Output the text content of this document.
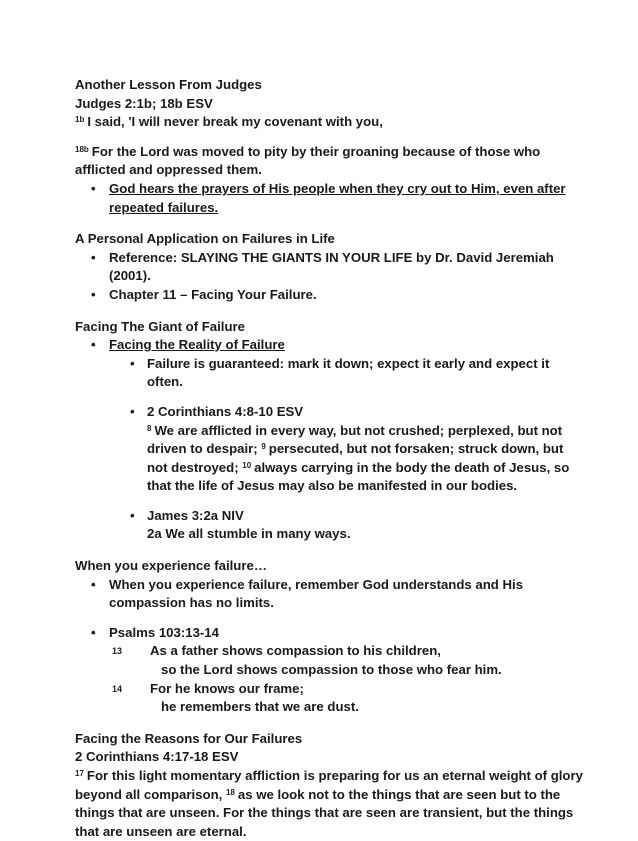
Another Lesson From Judges
Judges 2:1b; 18b ESV
$^{1b}$ I said, 'I will never break my covenant with you,
$^{18b}$ For the Lord was moved to pity by their groaning because of those who
afflicted and oppressed them.
• God hears the prayers of His people when they cry out to Him, even after
repeated failures.
A Personal Application on Failures in Life
• Reference: SLAYING THE GIANTS IN YOUR LIFE by Dr. David Jeremiah
(2001).
• Chapter 11 – Facing Your Failure.
Facing The Giant of Failure
• Facing the Reality of Failure
• Failure is guaranteed: mark it down; expect it early and expect it
often.
• 2 Corinthians 4:8-10 ESV
$^8$ We are afflicted in every way, but not crushed; perplexed, but not
driven to despair; $^9$ persecuted, but not forsaken; struck down, but
not destroyed; $^{10}$ always carrying in the body the death of Jesus, so
that the life of Jesus may also be manifested in our bodies.
• James 3:2a NIV
2a We all stumble in many ways.
When you experience failure…
• When you experience failure, remember God understands and His
compassion has no limits.
• Psalms 103:13-14
13 As a father shows compassion to his children,
so the Lord shows compassion to those who fear him.
14 For he knows our frame;
he remembers that we are dust.
Facing the Reasons for Our Failures
2 Corinthians 4:17-18 ESV
$^{17}$ For this light momentary affliction is preparing for us an eternal weight of glory
beyond all comparison, $^{18}$ as we look not to the things that are seen but to the
things that are unseen. For the things that are seen are transient, but the things
that are unseen are eternal.
